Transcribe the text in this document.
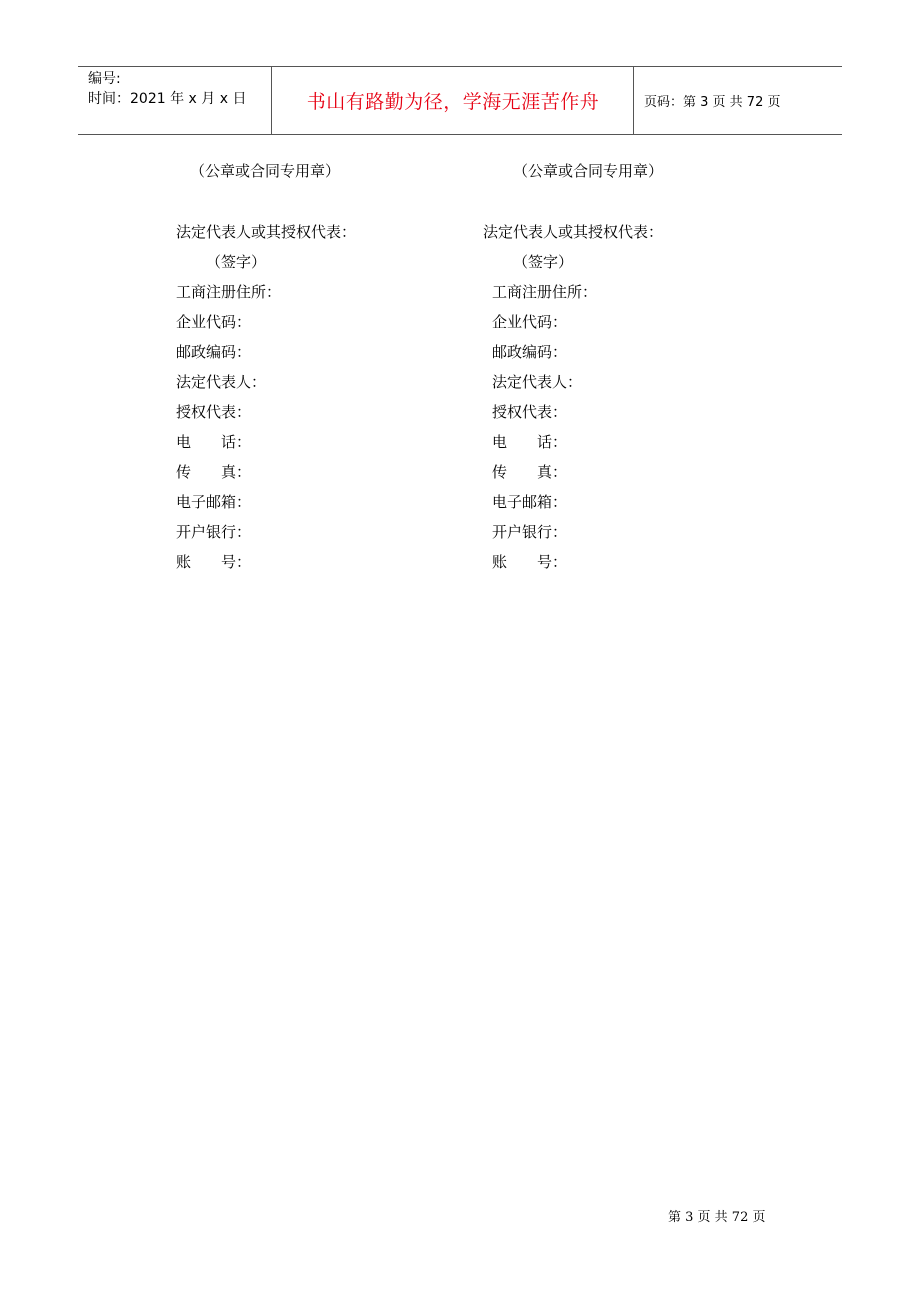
编号:
时间：2021 年 x 月 x 日	书山有路勤为径，学海无涯苦作舟	页码：第 3 页 共 72 页
（公章或合同专用章）
法定代表人或其授权代表：
（签字）
工商注册住所：
企业代码：
邮政编码：
法定代表人：
授权代表：
电　　话：
传　　真：
电子邮箱：
开户银行：
账　　号：
（公章或合同专用章）
法定代表人或其授权代表：
（签字）
工商注册住所：
企业代码：
邮政编码：
法定代表人：
授权代表：
电　　话：
传　　真：
电子邮箱：
开户银行：
账　　号：
第 3 页 共 72 页
